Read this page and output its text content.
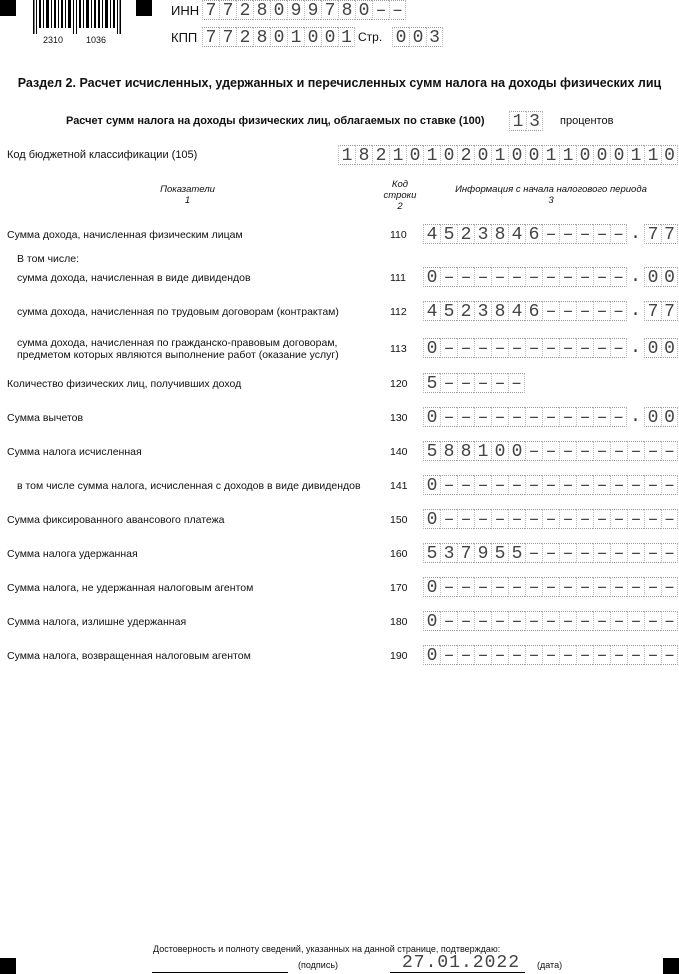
2310	1036
ИНН 7 7 2 8 0 9 9 7 8 0 – –
КПП 7 7 2 8 0 1 0 0 1 Стр. 0 0 3
Раздел 2. Расчет исчисленных, удержанных и перечисленных сумм налога на доходы физических лиц
Расчет сумм налога на доходы физических лиц, облагаемых по ставке (100) 1 3 процентов
Код бюджетной классификации (105)	1 8 2 1 0 1 0 2 0 1 0 0 1 1 0 0 0 1 1 0
Показатели
1
Код
строки
2
Информация с начала налогового периода
3
Сумма дохода, начисленная физическим лицам	110 4 5 2 3 8 4 6 – – – – – . 7 7
В том числе:
сумма дохода, начисленная в виде дивидендов	111 0 – – – – – – – – – – – . 0 0
сумма дохода, начисленная по трудовым договорам (контрактам)	112 4 5 2 3 8 4 6 – – – – – . 7 7
сумма дохода, начисленная по гражданско-правовым договорам,
предметом которых являются выполнение работ (оказание услуг)	113 0 – – – – – – – – – – – . 0 0
Количество физических лиц, получивших доход	120 5 – – – – –
Сумма вычетов	130 0 – – – – – – – – – – – . 0 0
Сумма налога исчисленная	140 5 8 8 1 0 0 – – – – – – – – –
в том числе сумма налога, исчисленная с доходов в виде дивидендов	141 0 – – – – – – – – – – – – – –
Сумма фиксированного авансового платежа	150 0 – – – – – – – – – – – – – –
Сумма налога удержанная	160 5 3 7 9 5 5 – – – – – – – – –
Сумма налога, не удержанная налоговым агентом	170 0 – – – – – – – – – – – – – –
Сумма налога, излишне удержанная	180 0 – – – – – – – – – – – – – –
Сумма налога, возвращенная налоговым агентом	190 0 – – – – – – – – – – – – – –
Достоверность и полноту сведений, указанных на данной странице, подтверждаю:
(подпись)	27.01.2022 (дата)
